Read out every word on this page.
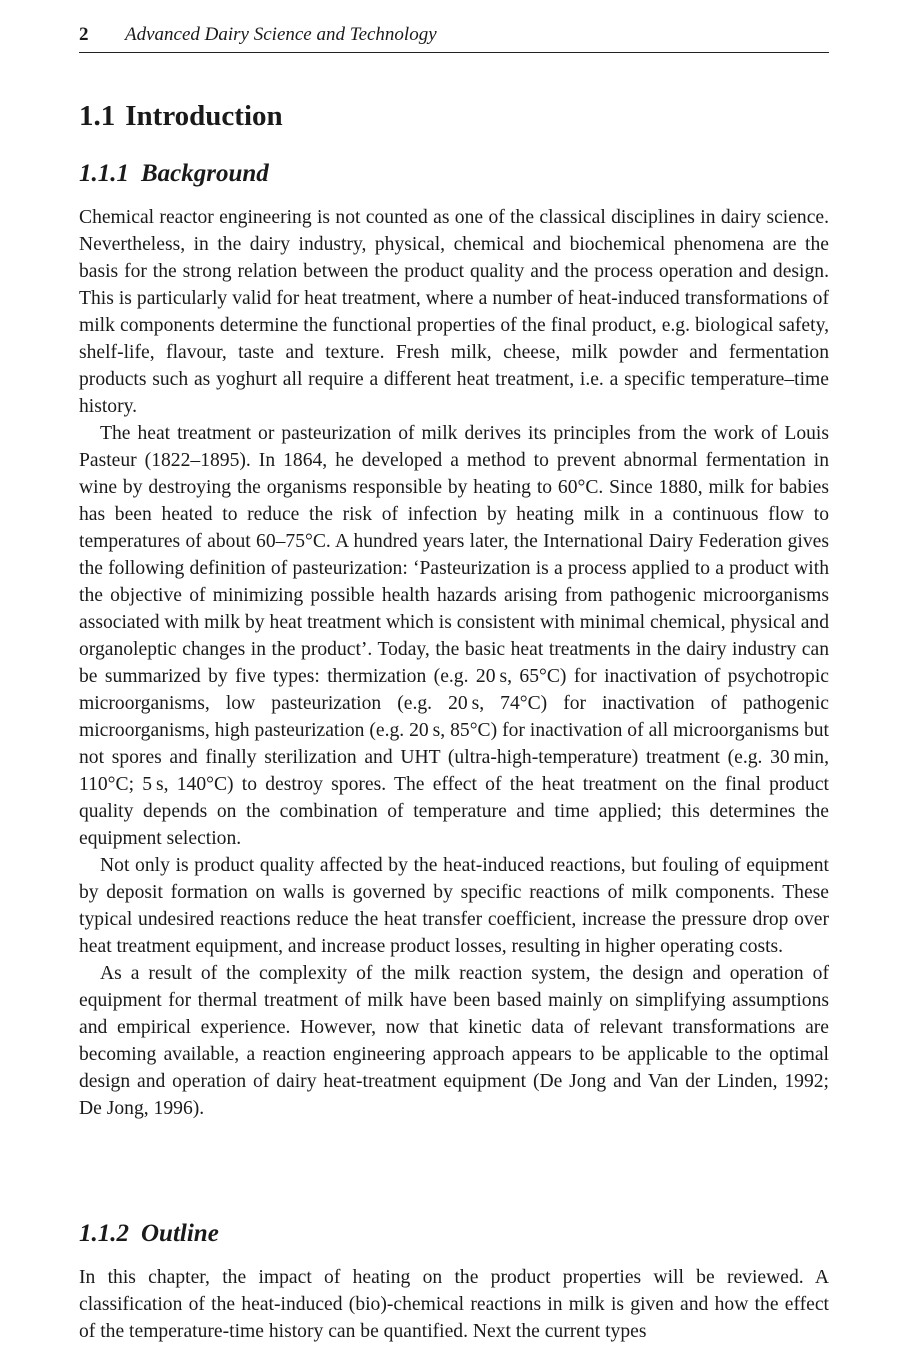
2 Advanced Dairy Science and Technology
1.1 Introduction
1.1.1 Background

Chemical reactor engineering is not counted as one of the classical disciplines in dairy science. Nevertheless, in the dairy industry, physical, chemical and biochemical phenomena are the basis for the strong relation between the product quality and the process operation and design. This is particularly valid for heat treatment, where a number of heat-induced transformations of milk components determine the functional properties of the final product, e.g. biological safety, shelf-life, flavour, taste and texture. Fresh milk, cheese, milk powder and fermentation products such as yoghurt all require a different heat treatment, i.e. a specific temperature–time history.

The heat treatment or pasteurization of milk derives its principles from the work of Louis Pasteur (1822–1895). In 1864, he developed a method to prevent abnormal fermentation in wine by destroying the organisms responsible by heating to 60°C. Since 1880, milk for babies has been heated to reduce the risk of infection by heating milk in a continuous flow to temperatures of about 60–75°C. A hundred years later, the International Dairy Federation gives the following definition of pasteurization: ‘Pasteurization is a process applied to a product with the objective of minimizing possible health hazards arising from pathogenic microorganisms associated with milk by heat treatment which is consistent with minimal chemical, physical and organoleptic changes in the product’. Today, the basic heat treatments in the dairy industry can be summarized by five types: thermization (e.g. 20 s, 65°C) for inactivation of psychotropic microorganisms, low pasteurization (e.g. 20 s, 74°C) for inactivation of pathogenic microorganisms, high pasteurization (e.g. 20 s, 85°C) for inactivation of all microorganisms but not spores and finally sterilization and UHT (ultra-high-temperature) treatment (e.g. 30 min, 110°C; 5 s, 140°C) to destroy spores. The effect of the heat treatment on the final product quality depends on the combination of temperature and time applied; this determines the equipment selection.

Not only is product quality affected by the heat-induced reactions, but fouling of equipment by deposit formation on walls is governed by specific reactions of milk components. These typical undesired reactions reduce the heat transfer coefficient, increase the pressure drop over heat treatment equipment, and increase product losses, resulting in higher operating costs.

As a result of the complexity of the milk reaction system, the design and operation of equipment for thermal treatment of milk have been based mainly on simplifying assumptions and empirical experience. However, now that kinetic data of relevant transformations are becoming available, a reaction engineering approach appears to be applicable to the optimal design and operation of dairy heat-treatment equipment (De Jong and Van der Linden, 1992; De Jong, 1996).

1.1.2 Outline

In this chapter, the impact of heating on the product properties will be reviewed. A classification of the heat-induced (bio)-chemical reactions in milk is given and how the effect of the temperature-time history can be quantified. Next the current types
